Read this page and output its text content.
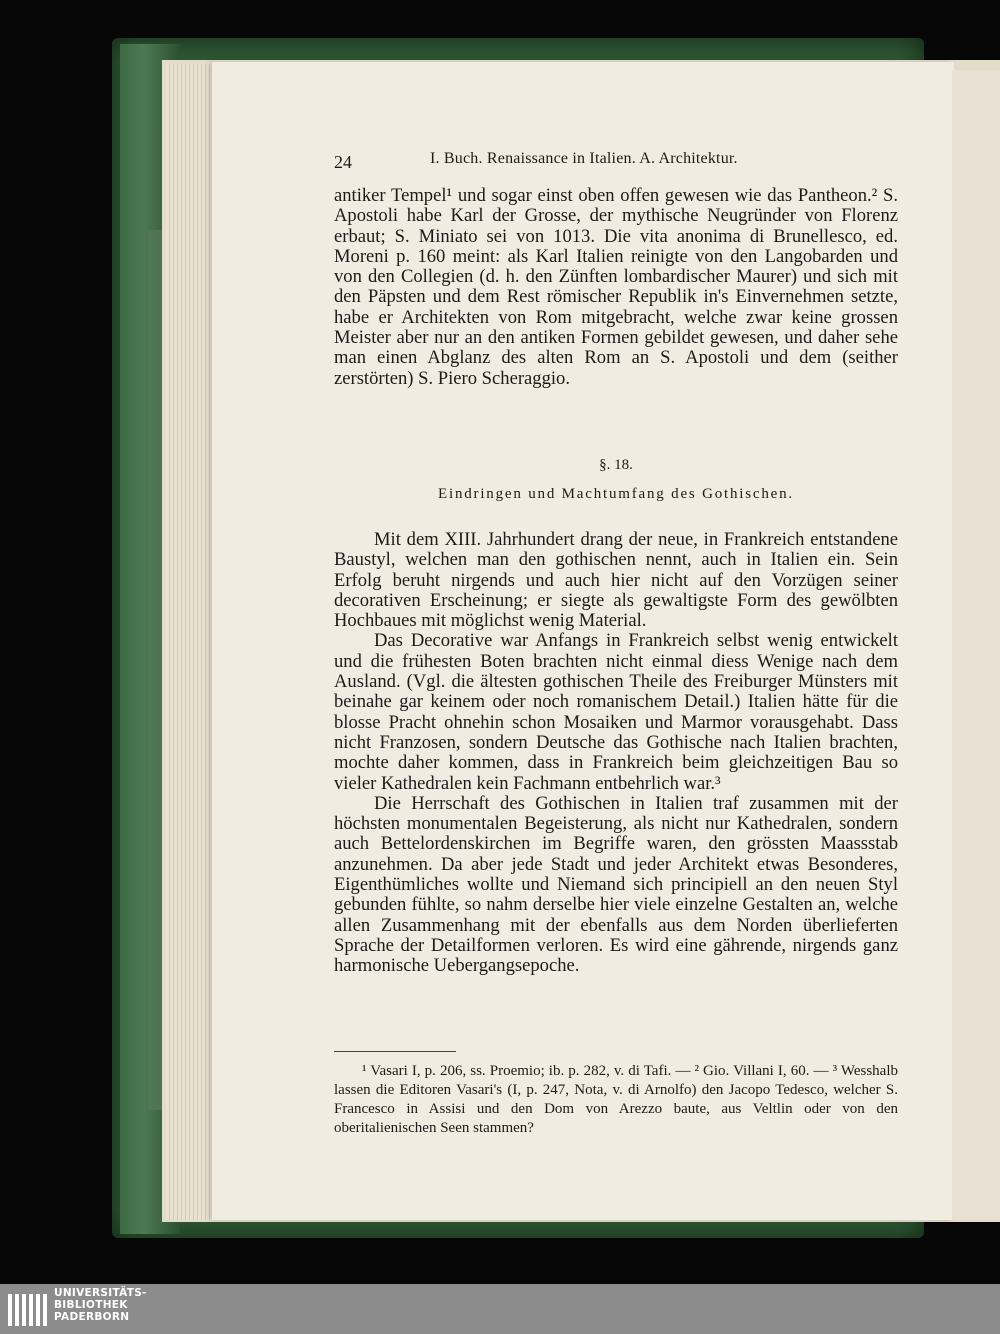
24	I. Buch. Renaissance in Italien. A. Architektur.

antiker Tempel¹ und sogar einst oben offen gewesen wie das Pantheon.² S. Apostoli habe Karl der Grosse, der mythische Neugründer von Florenz erbaut; S. Miniato sei von 1013. Die vita anonima di Brunellesco, ed. Moreni p. 160 meint: als Karl Italien reinigte von den Langobarden und von den Collegien (d. h. den Zünften lombardischer Maurer) und sich mit den Päpsten und dem Rest römischer Republik in's Einvernehmen setzte, habe er Architekten von Rom mitgebracht, welche zwar keine grossen Meister aber nur an den antiken Formen gebildet gewesen, und daher sehe man einen Abglanz des alten Rom an S. Apostoli und dem (seither zerstörten) S. Piero Scheraggio.

§. 18.
Eindringen und Machtumfang des Gothischen.

Mit dem XIII. Jahrhundert drang der neue, in Frankreich entstandene Baustyl, welchen man den gothischen nennt, auch in Italien ein. Sein Erfolg beruht nirgends und auch hier nicht auf den Vorzügen seiner decorativen Erscheinung; er siegte als gewaltigste Form des gewölbten Hochbaues mit möglichst wenig Material.

Das Decorative war Anfangs in Frankreich selbst wenig entwickelt und die frühesten Boten brachten nicht einmal diess Wenige nach dem Ausland. (Vgl. die ältesten gothischen Theile des Freiburger Münsters mit beinahe gar keinem oder noch romanischem Detail.) Italien hätte für die blosse Pracht ohnehin schon Mosaiken und Marmor vorausgehabt. Dass nicht Franzosen, sondern Deutsche das Gothische nach Italien brachten, mochte daher kommen, dass in Frankreich beim gleichzeitigen Bau so vieler Kathedralen kein Fachmann entbehrlich war.³

Die Herrschaft des Gothischen in Italien traf zusammen mit der höchsten monumentalen Begeisterung, als nicht nur Kathedralen, sondern auch Bettelordenskirchen im Begriffe waren, den grössten Maassstab anzunehmen. Da aber jede Stadt und jeder Architekt etwas Besonderes, Eigenthümliches wollte und Niemand sich principiell an den neuen Styl gebunden fühlte, so nahm derselbe hier viele einzelne Gestalten an, welche allen Zusammenhang mit der ebenfalls aus dem Norden überlieferten Sprache der Detailformen verloren. Es wird eine gährende, nirgends ganz harmonische Uebergangsepoche.

¹ Vasari I, p. 206, ss. Proemio; ib. p. 282, v. di Tafi. — ² Gio. Villani I, 60. — ³ Wesshalb lassen die Editoren Vasari's (I, p. 247, Nota, v. di Arnolfo) den Jacopo Tedesco, welcher S. Francesco in Assisi und den Dom von Arezzo baute, aus Veltlin oder von den oberitalienischen Seen stammen?

UNIVERSITÄTS-
BIBLIOTHEK
PADERBORN
